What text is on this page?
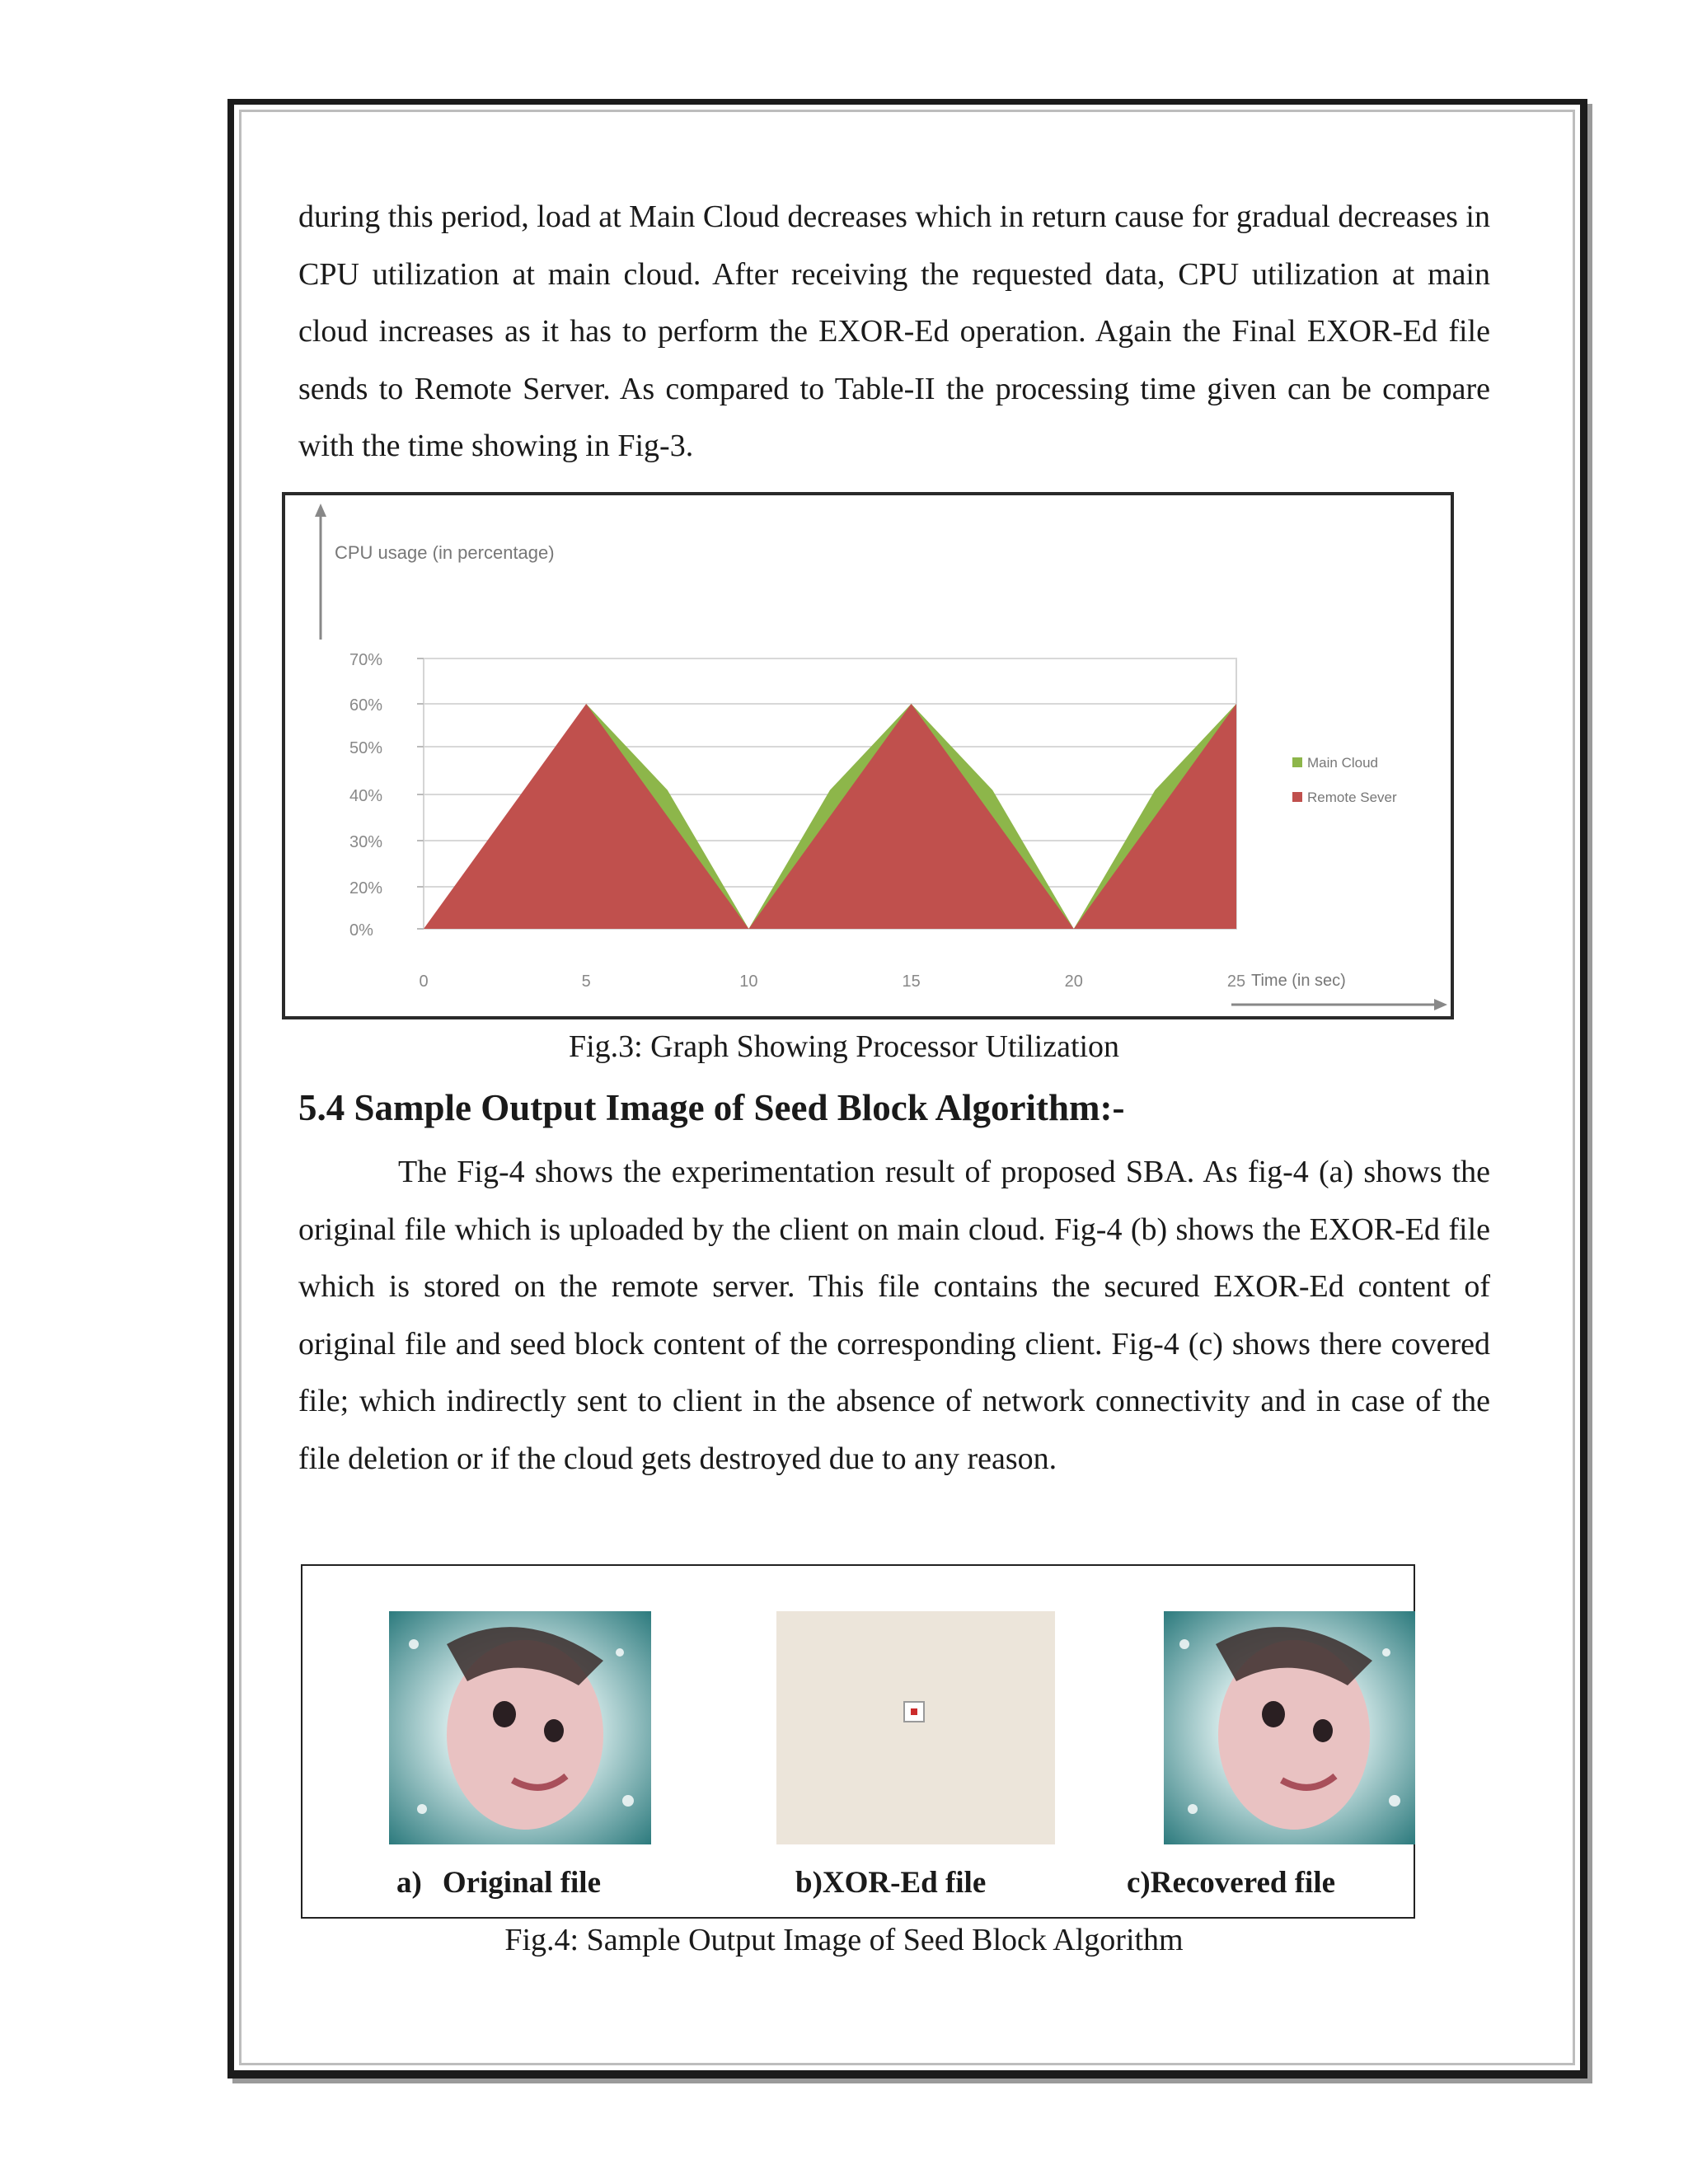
during this period, load at Main Cloud decreases which in return cause for gradual decreases in CPU utilization at main cloud. After receiving the requested data, CPU utilization at main cloud increases as it has to perform the EXOR-Ed operation. Again the Final EXOR-Ed file sends to Remote Server. As compared to Table-II the processing time given can be compare with the time showing in Fig-3.

CPU usage (in percentage)
Time (in sec)
0%
20%
30%
40%
50%
60%
70%
0	5	10	15	20	25
Main Cloud
Remote Sever

Fig.3: Graph Showing Processor Utilization

5.4 Sample Output Image of Seed Block Algorithm:-

The Fig-4 shows the experimentation result of proposed SBA. As fig-4 (a) shows the original file which is uploaded by the client on main cloud. Fig-4 (b) shows the EXOR-Ed file which is stored on the remote server. This file contains the secured EXOR-Ed content of original file and seed block content of the corresponding client. Fig-4 (c) shows there covered file; which indirectly sent to client in the absence of network connectivity and in case of the file deletion or if the cloud gets destroyed due to any reason.

a) Original file	b)XOR-Ed file	c)Recovered file

Fig.4: Sample Output Image of Seed Block Algorithm
